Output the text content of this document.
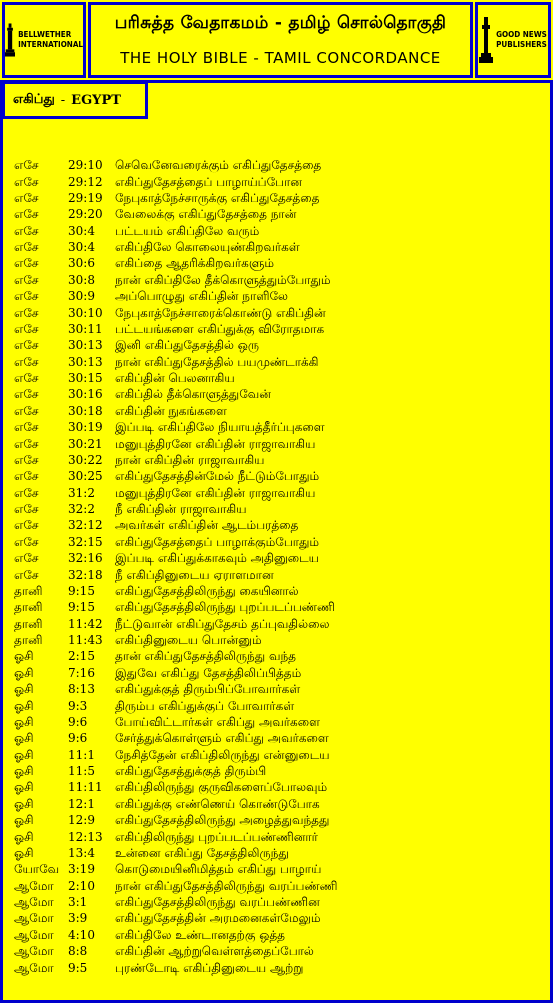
BELLWETHER
INTERNATIONAL
பரிசுத்த வேதாகமம் - தமிழ் சொல்தொகுதி
THE HOLY BIBLE - TAMIL CONCORDANCE
GOOD NEWS
PUBLISHERS
எகிப்து - EGYPT
எசே	29:10	செவெனேவரைக்கும் எகிப்துதேசத்தை
எசே	29:12	எகிப்துதேசத்தைப் பாழாய்ப்போன
எசே	29:19	நேபுகாத்நேச்சாருக்கு எகிப்துதேசத்தை
எசே	29:20	வேலைக்கு எகிப்துதேசத்தை நான்
எசே	30:4	பட்டயம் எகிப்திலே வரும்
எசே	30:4	எகிப்திலே கொலையுண்கிறவர்கள்
எசே	30:6	எகிப்தை ஆதரிக்கிறவர்களும்
எசே	30:8	நான் எகிப்திலே தீக்கொளுத்தும்போதும்
எசே	30:9	அப்பொழுது எகிப்தின் நாளிலே
எசே	30:10	நேபுகாத்நேச்சாரைக்கொண்டு எகிப்தின்
எசே	30:11	பட்டயங்களை எகிப்துக்கு விரோதமாக
எசே	30:13	இனி எகிப்துதேசத்தில் ஒரு
எசே	30:13	நான் எகிப்துதேசத்தில் பயமுண்டாக்கி
எசே	30:15	எகிப்தின் பெலனாகிய
எசே	30:16	எகிப்தில் தீக்கொளுத்துவேன்
எசே	30:18	எகிப்தின் நுகங்களை
எசே	30:19	இப்படி எகிப்திலே நியாயத்தீர்ப்புகளை
எசே	30:21	மனுபுத்திரனே எகிப்தின் ராஜாவாகிய
எசே	30:22	நான் எகிப்தின் ராஜாவாகிய
எசே	30:25	எகிப்துதேசத்தின்மேல் நீட்டும்போதும்
எசே	31:2	மனுபுத்திரனே எகிப்தின் ராஜாவாகிய
எசே	32:2	நீ எகிப்தின் ராஜாவாகிய
எசே	32:12	அவர்கள் எகிப்தின் ஆடம்பரத்தை
எசே	32:15	எகிப்துதேசத்தைப் பாழாக்கும்போதும்
எசே	32:16	இப்படி எகிப்துக்காகவும் அதினுடைய
எசே	32:18	நீ எகிப்தினுடைய ஏராளமான
தானி	9:15	எகிப்துதேசத்திலிருந்து கையினால்
தானி	9:15	எகிப்துதேசத்திலிருந்து புறப்படப்பண்ணி
தானி	11:42	நீட்டுவான் எகிப்துதேசம் தப்புவதில்லை
தானி	11:43	எகிப்தினுடைய பொன்னும்
ஓசி	2:15	தான் எகிப்துதேசத்திலிருந்து வந்த
ஓசி	7:16	இதுவே எகிப்து தேசத்திலிப்பித்தம்
ஓசி	8:13	எகிப்துக்குத் திரும்பிப்போவார்கள்
ஓசி	9:3	திரும்ப எகிப்துக்குப் போவார்கள்
ஓசி	9:6	போய்விட்டார்கள் எகிப்து அவர்களை
ஓசி	9:6	சேர்த்துக்கொள்ளும் எகிப்து அவர்களை
ஓசி	11:1	நேசித்தேன் எகிப்திலிருந்து என்னுடைய
ஓசி	11:5	எகிப்துதேசத்துக்குத் திரும்பி
ஓசி	11:11	எகிப்திலிருந்து குருவிகளைப்போலவும்
ஓசி	12:1	எகிப்துக்கு எண்ணெய் கொண்டுபோக
ஓசி	12:9	எகிப்துதேசத்திலிருந்து அழைத்துவந்தது
ஓசி	12:13	எகிப்திலிருந்து புறப்படப்பண்ணினார்
ஓசி	13:4	உன்னை எகிப்து தேசத்திலிருந்து
யோவே 3:19	கொடுமையினிமித்தம் எகிப்து பாழாய்
ஆமோ	2:10	நான் எகிப்துதேசத்திலிருந்து வரப்பண்ணி
ஆமோ	3:1	எகிப்துதேசத்திலிருந்து வரப்பண்ணின
ஆமோ	3:9	எகிப்துதேசத்தின் அரமனைகள்மேலும்
ஆமோ	4:10	எகிப்திலே உண்டானதற்கு ஒத்த
ஆமோ	8:8	எகிப்தின் ஆற்றுவெள்ளத்தைப்போல்
ஆமோ	9:5	புரண்டோடி எகிப்தினுடைய ஆற்று
